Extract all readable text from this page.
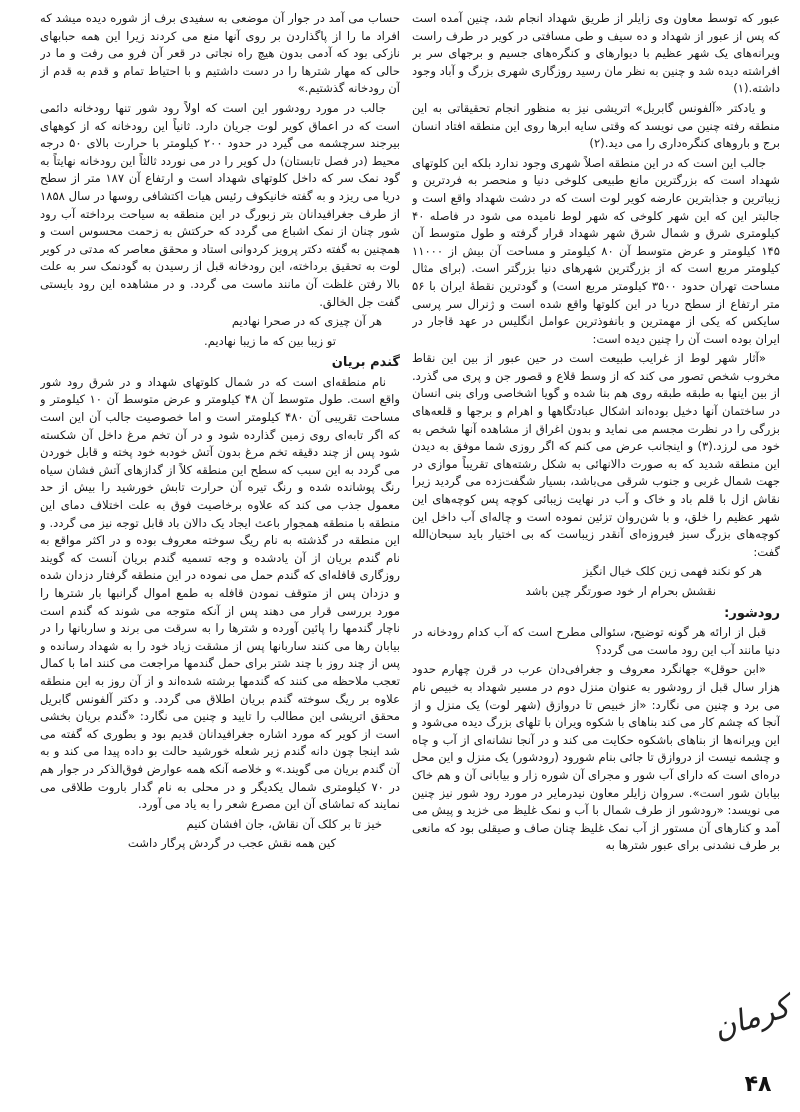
عبور که توسط معاون وی زایلر از طریق شهداد انجام شد، چنین آمده است که پس از عبور از شهداد و ده سیف و طی مسافتی در کویر در طرف راست ویرانه‌های یک شهر عظیم با دیوارهای و کنگره‌های جسیم و برجهای سر بر افراشته دیده شد و چنین به نظر مان رسید روزگاری شهری بزرگ و آباد وجود داشته.(۱)

و یادکتر «آلفونس گابریل» اتریشی نیز به منظور انجام تحقیقاتی به این منطقه رفته چنین می نویسد که وقتی سایه ابرها روی این منطقه افتاد انسان برج و باروهای کنگره‌داری را می دید.(۲)

جالب این است که در این منطقه اصلاً شهری وجود ندارد بلکه این کلوتهای شهداد است که بزرگترین مانع طبیعی کلوخی دنیا و منحصر به فردترین و زیباترین و جذابترین عارضه کویر لوت است که در دشت شهداد واقع است و جالبتر این که این شهر کلوخی که شهر لوط نامیده می شود در فاصله ۴۰ کیلومتری شرق و شمال شرق شهر شهداد قرار گرفته و طول متوسط آن ۱۴۵ کیلومتر و عرض متوسط آن ۸۰ کیلومتر و مساحت آن بیش از ۱۱۰۰۰ کیلومتر مربع است که از بزرگترین شهرهای دنیا بزرگتر است. (برای مثال مساحت تهران حدود ۳۵۰۰ کیلومتر مربع است) و گودترین نقطهٔ ایران با ۵۶ متر ارتفاع از سطح دریا در این کلوتها واقع شده است و ژنرال سر پرسی سایکس که یکی از مهمترین و بانفوذترین عوامل انگلیس در عهد قاجار در ایران بوده است آن را چنین دیده است:

«آثار شهر لوط از غرایب طبیعت است در حین عبور از بین این نقاط مخروب شخص تصور می کند که از وسط قلاع و قصور جن و پری می گذرد. از بین اینها به طبقه طبقه روی هم بنا شده و گویا اشخاصی ورای بنی انسان در ساختمان آنها دخیل بوده‌اند اشکال عبادتگاهها و اهرام و برجها و قلعه‌های بزرگی را در نظرت مجسم می نماید و بدون اغراق از مشاهده آنها شخص به خود می لرزد.(۳) و اینجانب عرض می کنم که اگر روزی شما موفق به دیدن این منطقه شدید که به صورت دالانهائی به شکل رشته‌های تقریباً موازی در جهت شمال غربی و جنوب شرقی می‌باشد، بسیار شگفت‌زده می گردید زیرا نقاش ازل با قلم باد و خاک و آب در نهایت زیبائی کوچه پس کوچه‌های این شهر عظیم را خلق، و با شن‌روان تزئین نموده است و چاله‌ای آب داخل این کوچه‌های بزرگ سبز فیروزه‌ای آنقدر زیباست که بی اختیار باید سبحان‌الله گفت:

هر کو نکند فهمی زین کلک خیال انگیز
نقشش بحرام ار خود صورتگر چین باشد
رودشور:

قبل از ارائه هر گونه توضیح، سئوالی مطرح است که آب کدام رودخانه در دنیا مانند آب این رود ماست می گردد؟

«ابن حوقل» جهانگرد معروف و جغرافی‌دان عرب در قرن چهارم حدود هزار سال قبل از رودشور به عنوان منزل دوم در مسیر شهداد به خبیص نام می برد و چنین می نگارد: «از خبیص تا دروازق (شهر لوت) یک منزل و از آنجا که چشم کار می کند بناهای با شکوه ویران با تلهای بزرگ دیده می‌شود و این ویرانه‌ها از بناهای باشکوه حکایت می کند و در آنجا نشانه‌ای از آب و چاه و چشمه نیست از دروازق تا جائی بنام شورود (رودشور) یک منزل و این محل دره‌ای است که دارای آب شور و مجرای آن شوره زار و بیابانی آن و هم خاک بیابان شور است». سروان زایلر معاون نیدرمایر در مورد رود شور نیز چنین می نویسد: «رودشور از طرف شمال با آب و نمک غلیظ می خزید و پیش می آمد و کنارهای آن مستور از آب نمک غلیظ چنان صاف و صیقلی بود که مانعی بر طرف نشدنی برای عبور شترها به

حساب می آمد در جوار آن موضعی به سفیدی برف از شوره دیده میشد که افراد ما را از پاگذاردن بر روی آنها منع می کردند زیرا این همه حبابهای نازکی بود که آدمی بدون هیچ راه نجاتی در قعر آن فرو می رفت و ما در حالی که مهار شترها را در دست داشتیم و با احتیاط تمام و قدم به قدم از آن رودخانه گذشتیم.»

جالب در مورد رودشور این است که اولاً رود شور تنها رودخانه دائمی است که در اعماق کویر لوت جریان دارد. ثانیاً این رودخانه که از کوههای بیرجند سرچشمه می گیرد در حدود ۲۰۰ کیلومتر با حرارت بالای ۵۰ درجه محیط (در فصل تابستان) دل کویر را در می نوردد ثالثاً این رودخانه نهایتاً به گود نمک سر که داخل کلوتهای شهداد است و ارتفاع آن ۱۸۷ متر از سطح دریا می ریزد و به گفته خانیکوف رئیس هیات اکتشافی روسها در سال ۱۸۵۸ از طرف جغرافیدانان بتر زبورگ در این منطقه به سیاحت برداخته آب رود شور چنان از نمک اشباع می گردد که حرکتش به زحمت محسوس است و همچنین به گفته دکتر پرویز کردوانی استاد و محقق معاصر که مدتی در کویر لوت به تحقیق برداخته، این رودخانه قبل از رسیدن به گودنمک سر به علت بالا رفتن غلظت آن مانند ماست می گردد. و در مشاهده این رود بایستی گفت جل الخالق.

هر آن چیزی که در صحرا نهادیم
تو زیبا بین که ما زیبا نهادیم.
گندم بریان

نام منطقه‌ای است که در شمال کلوتهای شهداد و در شرق رود شور واقع است. طول متوسط آن ۴۸ کیلومتر و عرض متوسط آن ۱۰ کیلومتر و مساحت تقریبی آن ۴۸۰ کیلومتر است و اما خصوصیت جالب آن این است که اگر تابه‌ای روی زمین گذارده شود و در آن تخم مرغ داخل آن شکسته شود پس از چند دقیقه تخم مرغ بدون آتش خودبه خود پخته و قابل خوردن می گردد به این سبب که سطح این منطقه کلاً از گدازهای آتش فشان سیاه رنگ پوشانده شده و رنگ تیره آن حرارت تابش خورشید را بیش از حد معمول جذب می کند که علاوه برخاصیت فوق به علت اختلاف دمای این منطقه با منطقه همجوار باعث ایجاد یک دالان باد قابل توجه نیز می گردد. و این منطقه در گذشته به نام ریگ سوخته معروف بوده و در اکثر مواقع به نام گندم بریان از آن یادشده و وجه تسمیه گندم بریان آنست که گویند روزگاری قافله‌ای که گندم حمل می نموده در این منطقه گرفتار دزدان شده و دزدان پس از متوقف نمودن قافله به طمع اموال گرانبها بار شترها را مورد بررسی قرار می دهند پس از آنکه متوجه می شوند که گندم است ناچار گندمها را پائین آورده و شترها را به سرقت می برند و ساربانها را در بیابان رها می کنند ساربانها پس از مشقت زیاد خود را به شهداد رسانده و پس از چند روز با چند شتر برای حمل گندمها مراجعت می کنند اما با کمال تعجب ملاحظه می کنند که گندمها برشته شده‌اند و از آن روز به این منطقه علاوه بر ریگ سوخته گندم بریان اطلاق می گردد. و دکتر آلفونس گابریل محقق اتریشی این مطالب را تایید و چنین می نگارد: «گندم بریان بخشی است از کویر که مورد اشاره جغرافیدانان قدیم بود و بطوری که گفته می شد اینجا چون دانه گندم زیر شعله خورشید حالت بو داده پیدا می کند و به آن گندم بریان می گویند.» و خلاصه آنکه همه عوارض فوق‌الذکر در جوار هم در ۷۰ کیلومتری شمال یکدیگر و در محلی به نام گدار باروت طلاقی می نمایند که تماشای آن این مصرع شعر را به یاد می آورد.

خیز تا بر کلک آن نقاش، جان افشان کنیم
کین همه نقش عجب در گردش پرگار داشت
کرمان
۴۸
